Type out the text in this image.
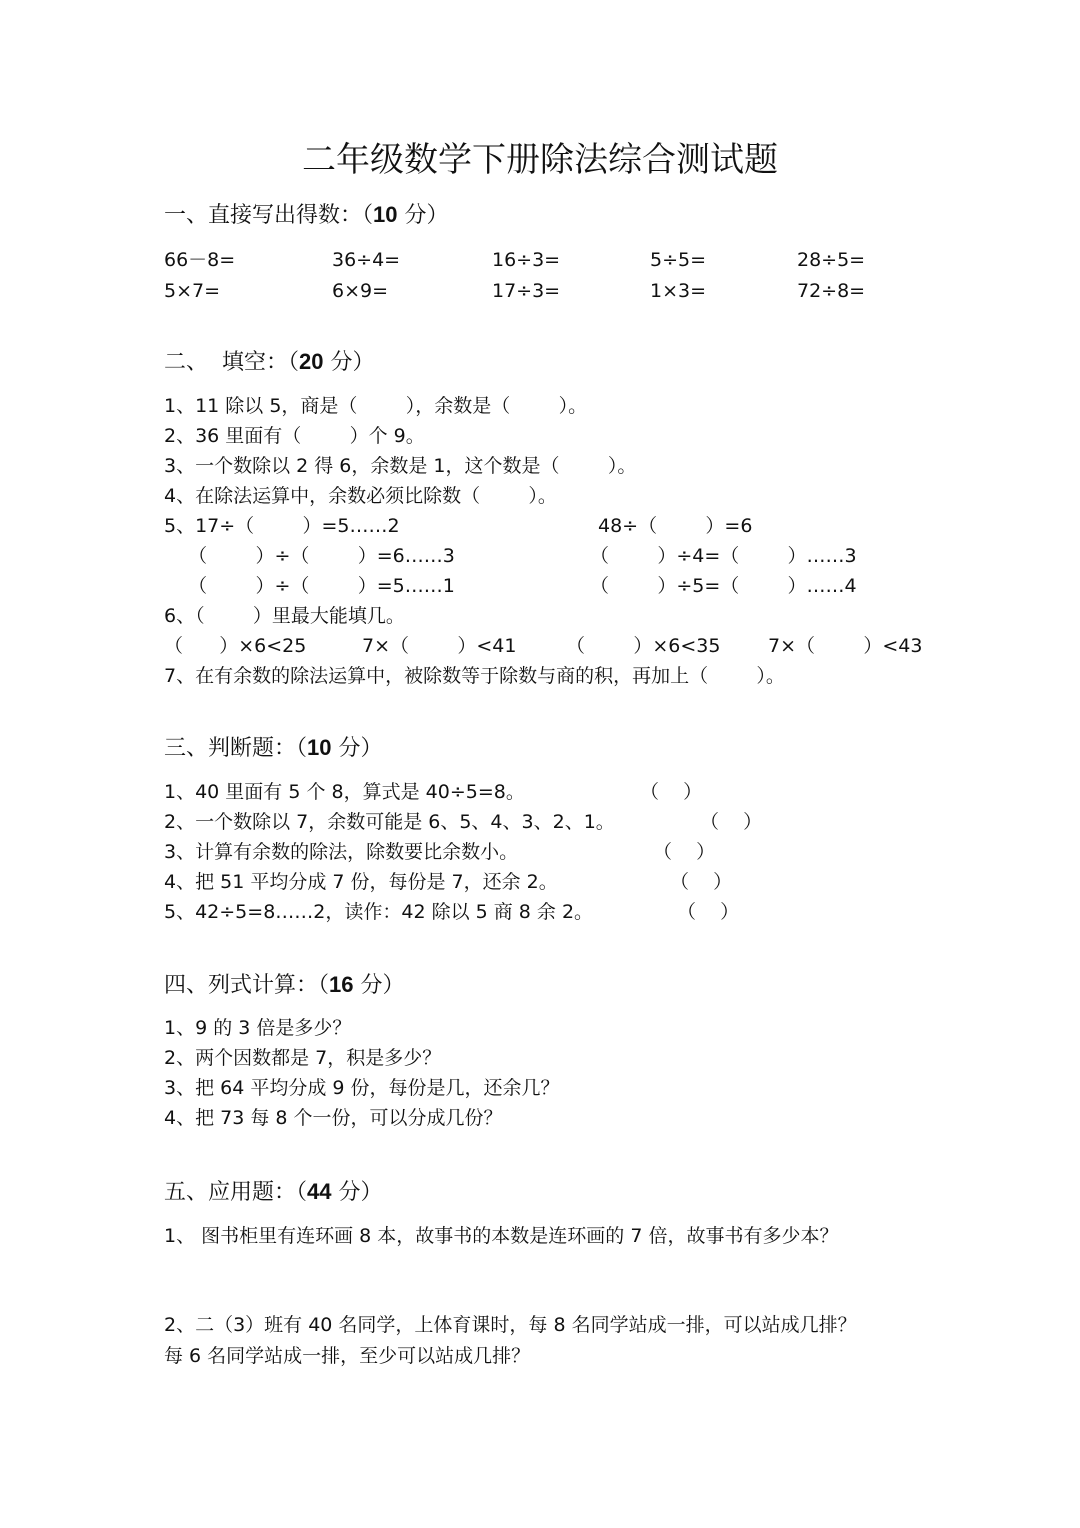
二年级数学下册除法综合测试题
一、直接写出得数：（10 分）
66－8=	36÷4=	16÷3=	5÷5=	28÷5=
5×7=	6×9=	17÷3=	1×3=	72÷8=
二、  填空：（20 分）
1、11 除以 5，商是（        ），余数是（        ）。
2、36 里面有（        ）个 9。
3、一个数除以 2 得 6，余数是 1，这个数是（        ）。
4、在除法运算中，余数必须比除数（        ）。
5、17÷（        ）=5……2	48÷（        ）=6
（        ）÷（        ）=6……3	（        ）÷4=（        ）……3
（        ）÷（        ）=5……1	（        ）÷5=（        ）……4
6、（        ）里最大能填几。
（      ）×6<25	7×（        ）<41	（        ）×6<35	7×（        ）<43
7、在有余数的除法运算中，被除数等于除数与商的积，再加上（        ）。
三、判断题：（10 分）
1、40 里面有 5 个 8，算式是 40÷5=8。	（    ）
2、一个数除以 7，余数可能是 6、5、4、3、2、1。	（    ）
3、计算有余数的除法，除数要比余数小。	（    ）
4、把 51 平均分成 7 份，每份是 7，还余 2。	（    ）
5、42÷5=8……2，读作：42 除以 5 商 8 余 2。	（    ）
四、列式计算：（16 分）
1、9 的 3 倍是多少？
2、两个因数都是 7，积是多少？
3、把 64 平均分成 9 份，每份是几，还余几？
4、把 73 每 8 个一份，可以分成几份？
五、应用题：（44 分）
1、 图书柜里有连环画 8 本，故事书的本数是连环画的 7 倍，故事书有多少本？
2、二（3）班有 40 名同学，上体育课时，每 8 名同学站成一排，可以站成几排？
每 6 名同学站成一排，至少可以站成几排？
